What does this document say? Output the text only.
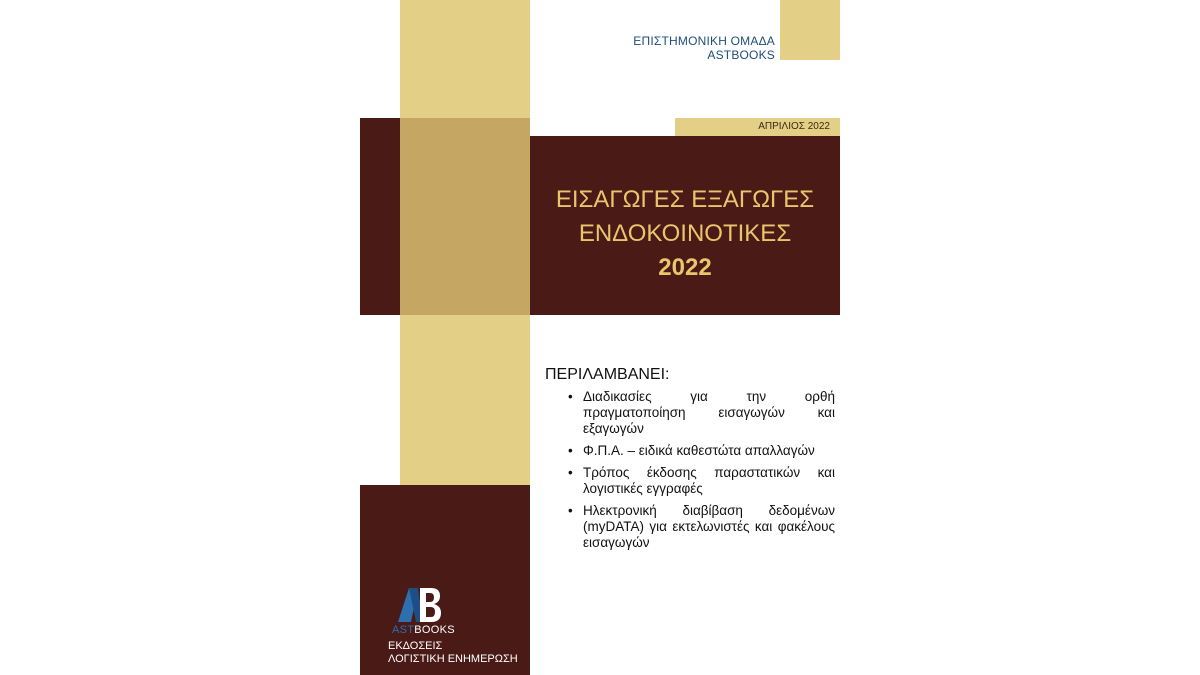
ΕΠΙΣΤΗΜΟΝΙΚΗ ΟΜΑΔΑ
ASTBOOKS
ΑΠΡΙΛΙΟΣ 2022
ΕΙΣΑΓΩΓΕΣ ΕΞΑΓΩΓΕΣ
ΕΝΔΟΚΟΙΝΟΤΙΚΕΣ
2022
ΠΕΡΙΛΑΜΒΑΝΕΙ:
• Διαδικασίες για την ορθή πραγματοποίηση εισαγωγών και εξαγωγών
• Φ.Π.Α. – ειδικά καθεστώτα απαλλαγών
• Τρόπος έκδοσης παραστατικών και λογιστικές εγγραφές
• Ηλεκτρονική διαβίβαση δεδομένων (myDATA) για εκτελωνιστές και φακέλους εισαγωγών
ASTBOOKS
ΕΚΔΟΣΕΙΣ
ΛΟΓΙΣΤΙΚΗ ΕΝΗΜΕΡΩΣΗ
